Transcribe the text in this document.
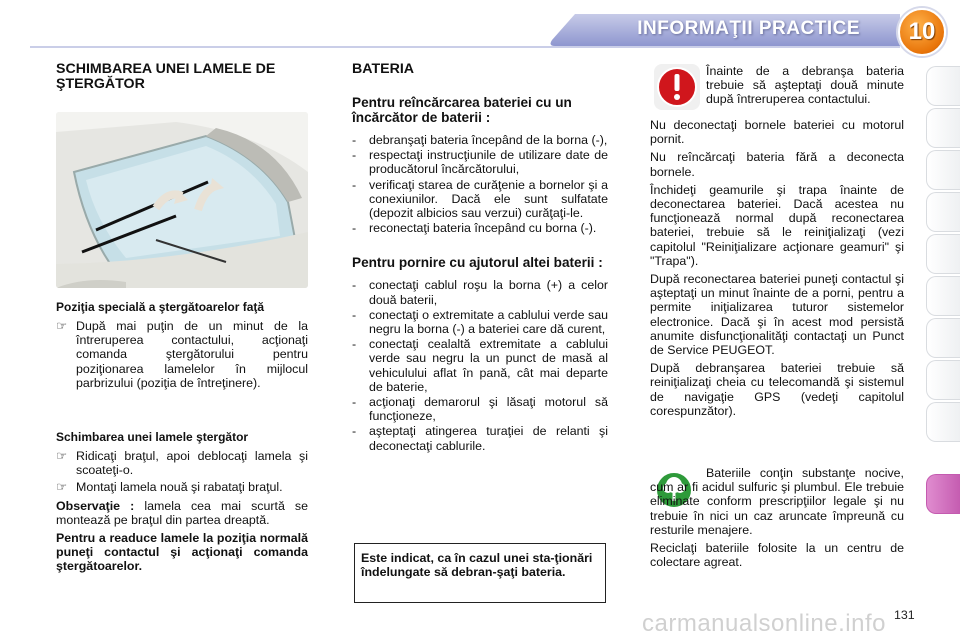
INFORMAŢII PRACTICE	10
SCHIMBAREA UNEI LAMELE DE ŞTERGĂTOR
Poziţia specială a ştergătoarelor faţă
☞ După mai puţin de un minut de la întreruperea contactului, acţionaţi comanda ştergătorului pentru poziţionarea lamelelor în mijlocul parbrizului (poziţia de întreţinere).
Schimbarea unei lamele ştergător
☞ Ridicaţi braţul, apoi deblocaţi lamela şi scoateţi-o.
☞ Montaţi lamela nouă şi rabataţi braţul.

Observaţie : lamela cea mai scurtă se montează pe braţul din partea dreaptă.

Pentru a readuce lamele la poziţia normală puneţi contactul şi acţionaţi comanda ştergătoarelor.

BATERIA
Pentru reîncărcarea bateriei cu un încărcător de baterii :
-	debranşaţi bateria începând de la borna (-),
-	respectaţi instrucţiunile de utilizare date de producătorul încărcătorului,
-	verificaţi starea de curăţenie a bornelor şi a conexiunilor. Dacă ele sunt sulfatate (depozit albicios sau verzui) curăţaţi-le.
-	reconectaţi bateria începând cu borna (-).
Pentru pornire cu ajutorul altei baterii :
-	conectaţi cablul roşu la borna (+) a celor două baterii,
-	conectaţi o extremitate a cablului verde sau negru la borna (-) a bateriei care dă curent,
-	conectaţi cealaltă extremitate a cablului verde sau negru la un punct de masă al vehiculului aflat în pană, cât mai departe de baterie,
-	acţionaţi demarorul şi lăsaţi motorul să funcţioneze,
-	aşteptaţi atingerea turaţiei de relanti şi deconectaţi cablurile.
Este indicat, ca în cazul unei sta-ţionări îndelungate să debran-şaţi bateria.

Înainte de a debranşa bateria trebuie să aşteptaţi două minute după întreruperea contactului.

Nu deconectaţi bornele bateriei cu motorul pornit.

Nu reîncărcaţi bateria fără a deconecta bornele.

Închideţi geamurile şi trapa înainte de deconectarea bateriei. Dacă acestea nu funcţionează normal după reconectarea bateriei, trebuie să le reiniţializaţi (vezi capitolul "Reiniţializare acţionare geamuri" şi "Trapa").

După reconectarea bateriei puneţi contactul şi aşteptaţi un minut înainte de a porni, pentru a permite iniţializarea tuturor sistemelor electronice. Dacă şi în acest mod persistă anumite disfuncţionalităţi contactaţi un Punct de Service PEUGEOT.

După debranşarea bateriei trebuie să reiniţializaţi cheia cu telecomandă şi sistemul de navigaţie GPS (vedeţi capitolul corespunzător).

Bateriile conţin substanţe nocive, cum ar fi acidul sulfuric şi plumbul. Ele trebuie eliminate conform prescripţiilor legale şi nu trebuie în nici un caz aruncate împreună cu resturile menajere.

Reciclaţi bateriile folosite la un centru de colectare agreat.

131
carmanualsonline.info
